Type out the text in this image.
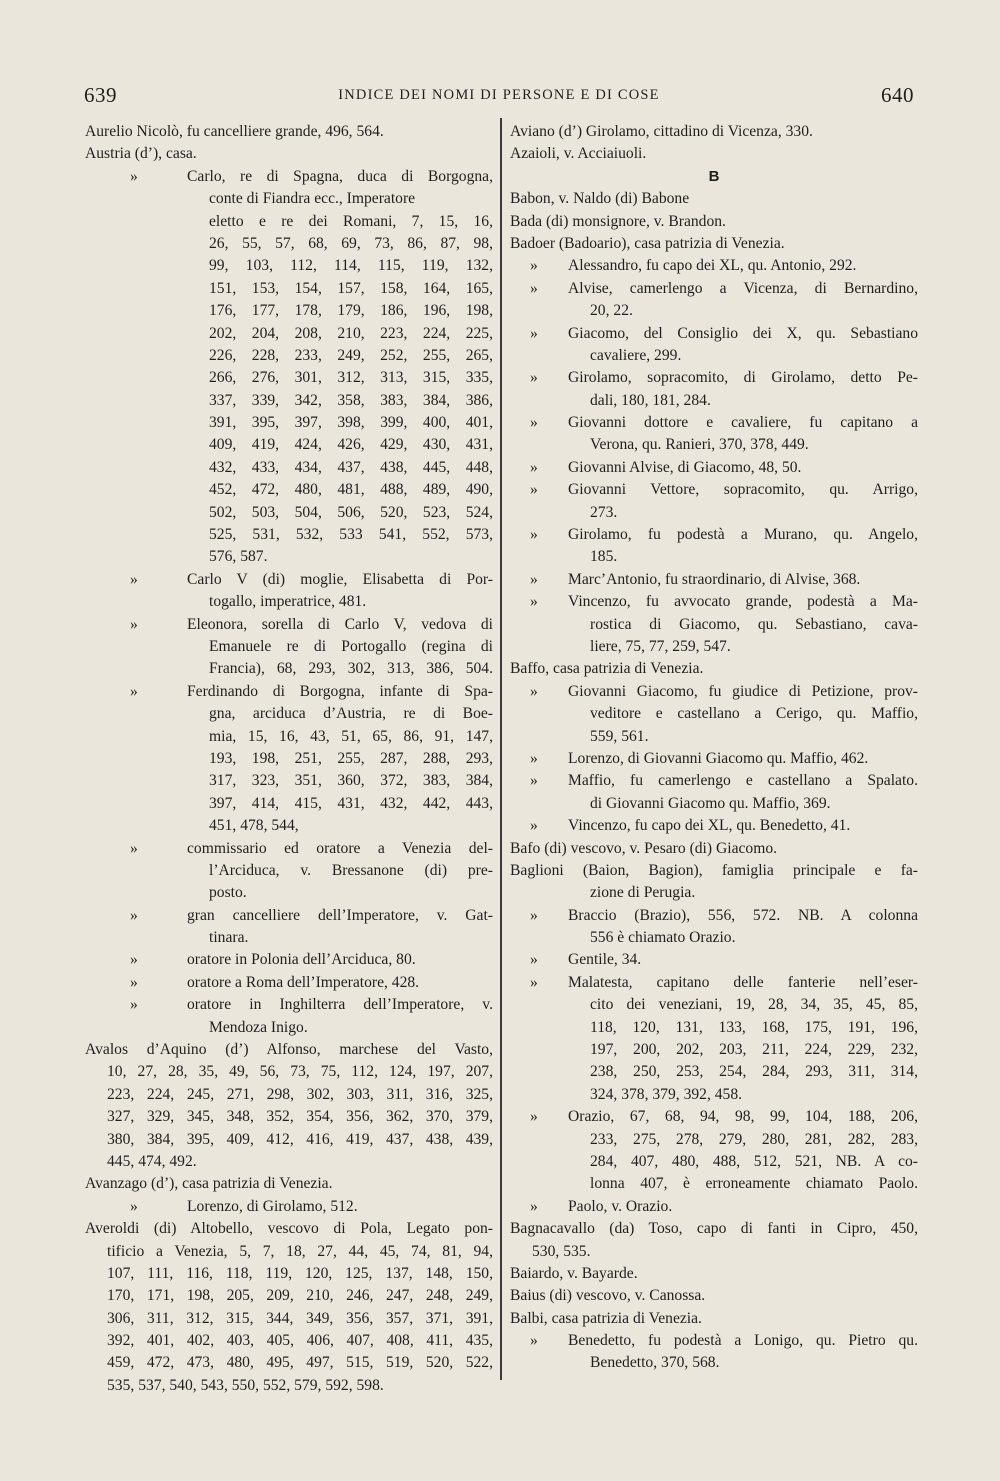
639	INDICE DEI NOMI DI PERSONE E DI COSE	640
Aurelio Nicolò, fu cancelliere grande, 496, 564.
Austria (d’), casa.
»	Carlo, re di Spagna, duca di Borgogna,
conte di Fiandra ecc., Imperatore
eletto e re dei Romani, 7, 15, 16,
26, 55, 57, 68, 69, 73, 86, 87, 98,
99, 103, 112, 114, 115, 119, 132,
151, 153, 154, 157, 158, 164, 165,
176, 177, 178, 179, 186, 196, 198,
202, 204, 208, 210, 223, 224, 225,
226, 228, 233, 249, 252, 255, 265,
266, 276, 301, 312, 313, 315, 335,
337, 339, 342, 358, 383, 384, 386,
391, 395, 397, 398, 399, 400, 401,
409, 419, 424, 426, 429, 430, 431,
432, 433, 434, 437, 438, 445, 448,
452, 472, 480, 481, 488, 489, 490,
502, 503, 504, 506, 520, 523, 524,
525, 531, 532, 533 541, 552, 573,
576, 587.
»	Carlo V (di) moglie, Elisabetta di Por-
togallo, imperatrice, 481.
»	Eleonora, sorella di Carlo V, vedova di
Emanuele re di Portogallo (regina di
Francia), 68, 293, 302, 313, 386, 504.
»	Ferdinando di Borgogna, infante di Spa-
gna, arciduca d’Austria, re di Boe-
mia, 15, 16, 43, 51, 65, 86, 91, 147,
193, 198, 251, 255, 287, 288, 293,
317, 323, 351, 360, 372, 383, 384,
397, 414, 415, 431, 432, 442, 443,
451, 478, 544,
»	commissario ed oratore a Venezia del-
l’Arciduca, v. Bressanone (di) pre-
posto.
»	gran cancelliere dell’Imperatore, v. Gat-
tinara.
»	oratore in Polonia dell’Arciduca, 80.
»	oratore a Roma dell’Imperatore, 428.
»	oratore in Inghilterra dell’Imperatore, v.
Mendoza Inigo.
Avalos d’Aquino (d’) Alfonso, marchese del Vasto,
10, 27, 28, 35, 49, 56, 73, 75, 112, 124, 197, 207,
223, 224, 245, 271, 298, 302, 303, 311, 316, 325,
327, 329, 345, 348, 352, 354, 356, 362, 370, 379,
380, 384, 395, 409, 412, 416, 419, 437, 438, 439,
445, 474, 492.
Avanzago (d’), casa patrizia di Venezia.
»	Lorenzo, di Girolamo, 512.
Averoldi (di) Altobello, vescovo di Pola, Legato pon-
tificio a Venezia, 5, 7, 18, 27, 44, 45, 74, 81, 94,
107, 111, 116, 118, 119, 120, 125, 137, 148, 150,
170, 171, 198, 205, 209, 210, 246, 247, 248, 249,
306, 311, 312, 315, 344, 349, 356, 357, 371, 391,
392, 401, 402, 403, 405, 406, 407, 408, 411, 435,
459, 472, 473, 480, 495, 497, 515, 519, 520, 522,
535, 537, 540, 543, 550, 552, 579, 592, 598.
Aviano (d’) Girolamo, cittadino di Vicenza, 330.
Azaioli, v. Acciaiuoli.
B
Babon, v. Naldo (di) Babone
Bada (di) monsignore, v. Brandon.
Badoer (Badoario), casa patrizia di Venezia.
» Alessandro, fu capo dei XL, qu. Antonio, 292.
» Alvise, camerlengo a Vicenza, di Bernardino,
20, 22.
» Giacomo, del Consiglio dei X, qu. Sebastiano
cavaliere, 299.
» Girolamo, sopracomito, di Girolamo, detto Pe-
dali, 180, 181, 284.
» Giovanni dottore e cavaliere, fu capitano a
Verona, qu. Ranieri, 370, 378, 449.
» Giovanni Alvise, di Giacomo, 48, 50.
» Giovanni Vettore, sopracomito, qu. Arrigo,
273.
» Girolamo, fu podestà a Murano, qu. Angelo,
185.
» Marc’Antonio, fu straordinario, di Alvise, 368.
» Vincenzo, fu avvocato grande, podestà a Ma-
rostica di Giacomo, qu. Sebastiano, cava-
liere, 75, 77, 259, 547.
Baffo, casa patrizia di Venezia.
» Giovanni Giacomo, fu giudice di Petizione, prov-
veditore e castellano a Cerigo, qu. Maffio,
559, 561.
» Lorenzo, di Giovanni Giacomo qu. Maffio, 462.
» Maffio, fu camerlengo e castellano a Spalato.
di Giovanni Giacomo qu. Maffio, 369.
» Vincenzo, fu capo dei XL, qu. Benedetto, 41.
Bafo (di) vescovo, v. Pesaro (di) Giacomo.
Baglioni (Baion, Bagion), famiglia principale e fa-
zione di Perugia.
» Braccio (Brazio), 556, 572. NB. A colonna
556 è chiamato Orazio.
» Gentile, 34.
» Malatesta, capitano delle fanterie nell’eser-
cito dei veneziani, 19, 28, 34, 35, 45, 85,
118, 120, 131, 133, 168, 175, 191, 196,
197, 200, 202, 203, 211, 224, 229, 232,
238, 250, 253, 254, 284, 293, 311, 314,
324, 378, 379, 392, 458.
» Orazio, 67, 68, 94, 98, 99, 104, 188, 206,
233, 275, 278, 279, 280, 281, 282, 283,
284, 407, 480, 488, 512, 521, NB. A co-
lonna 407, è erroneamente chiamato Paolo.
» Paolo, v. Orazio.
Bagnacavallo (da) Toso, capo di fanti in Cipro, 450,
530, 535.
Baiardo, v. Bayarde.
Baius (di) vescovo, v. Canossa.
Balbi, casa patrizia di Venezia.
» Benedetto, fu podestà a Lonigo, qu. Pietro qu.
Benedetto, 370, 568.
